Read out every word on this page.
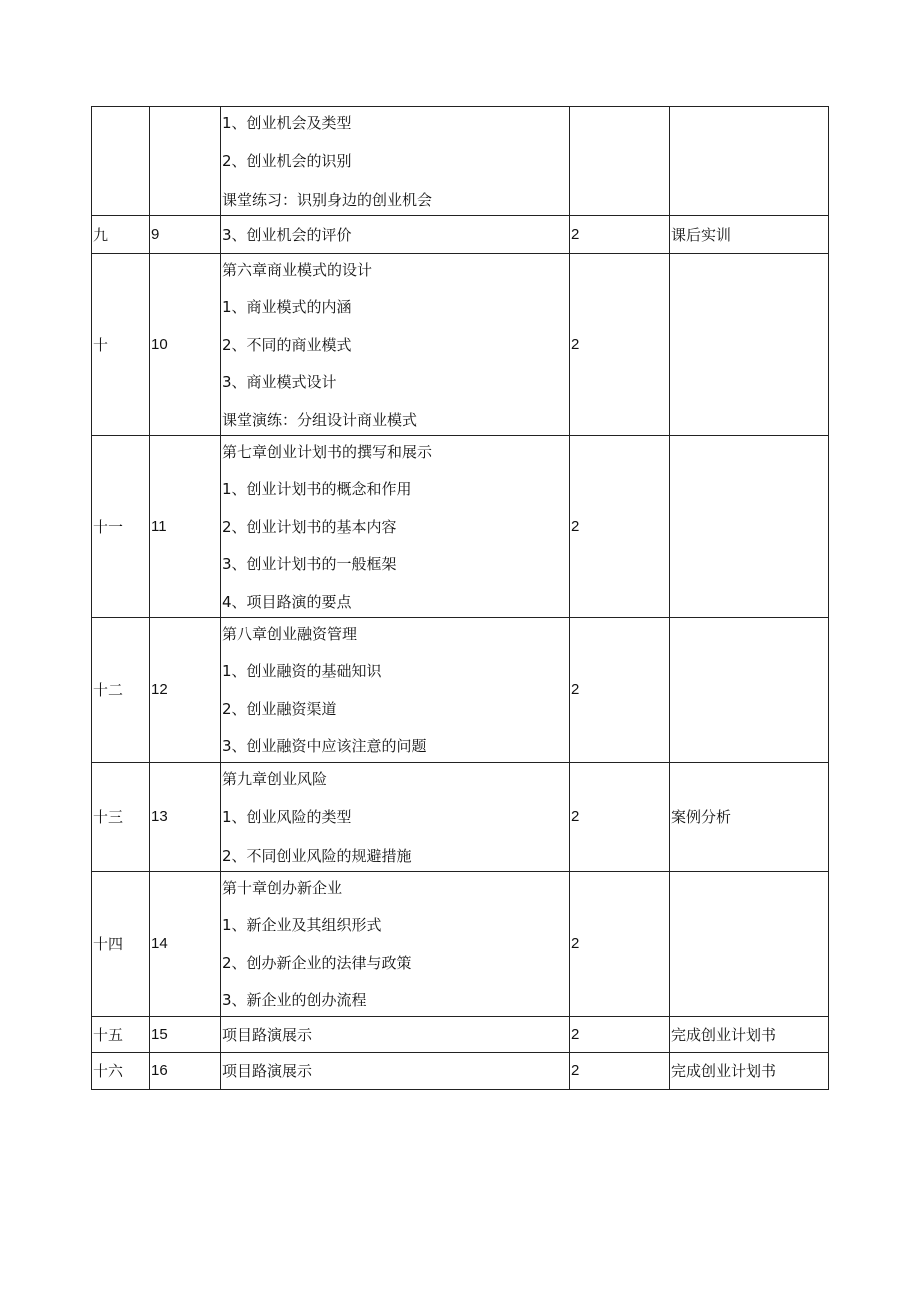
		1、创业机会及类型
2、创业机会的识别
课堂练习：识别身边的创业机会		

九	9	3、创业机会的评价	2	课后实训
十	10	第六章商业模式的设计
1、商业模式的内涵
2、不同的商业模式
3、商业模式设计
课堂演练：分组设计商业模式	2	
十一	11	第七章创业计划书的撰写和展示
1、创业计划书的概念和作用
2、创业计划书的基本内容
3、创业计划书的一般框架
4、项目路演的要点	2	
十二	12	第八章创业融资管理
1、创业融资的基础知识
2、创业融资渠道
3、创业融资中应该注意的问题	2	
十三	13	第九章创业风险
1、创业风险的类型
2、不同创业风险的规避措施	2	案例分析
十四	14	第十章创办新企业
1、新企业及其组织形式
2、创办新企业的法律与政策
3、新企业的创办流程	2	
十五	15	项目路演展示	2	完成创业计划书
十六	16	项目路演展示	2	完成创业计划书
